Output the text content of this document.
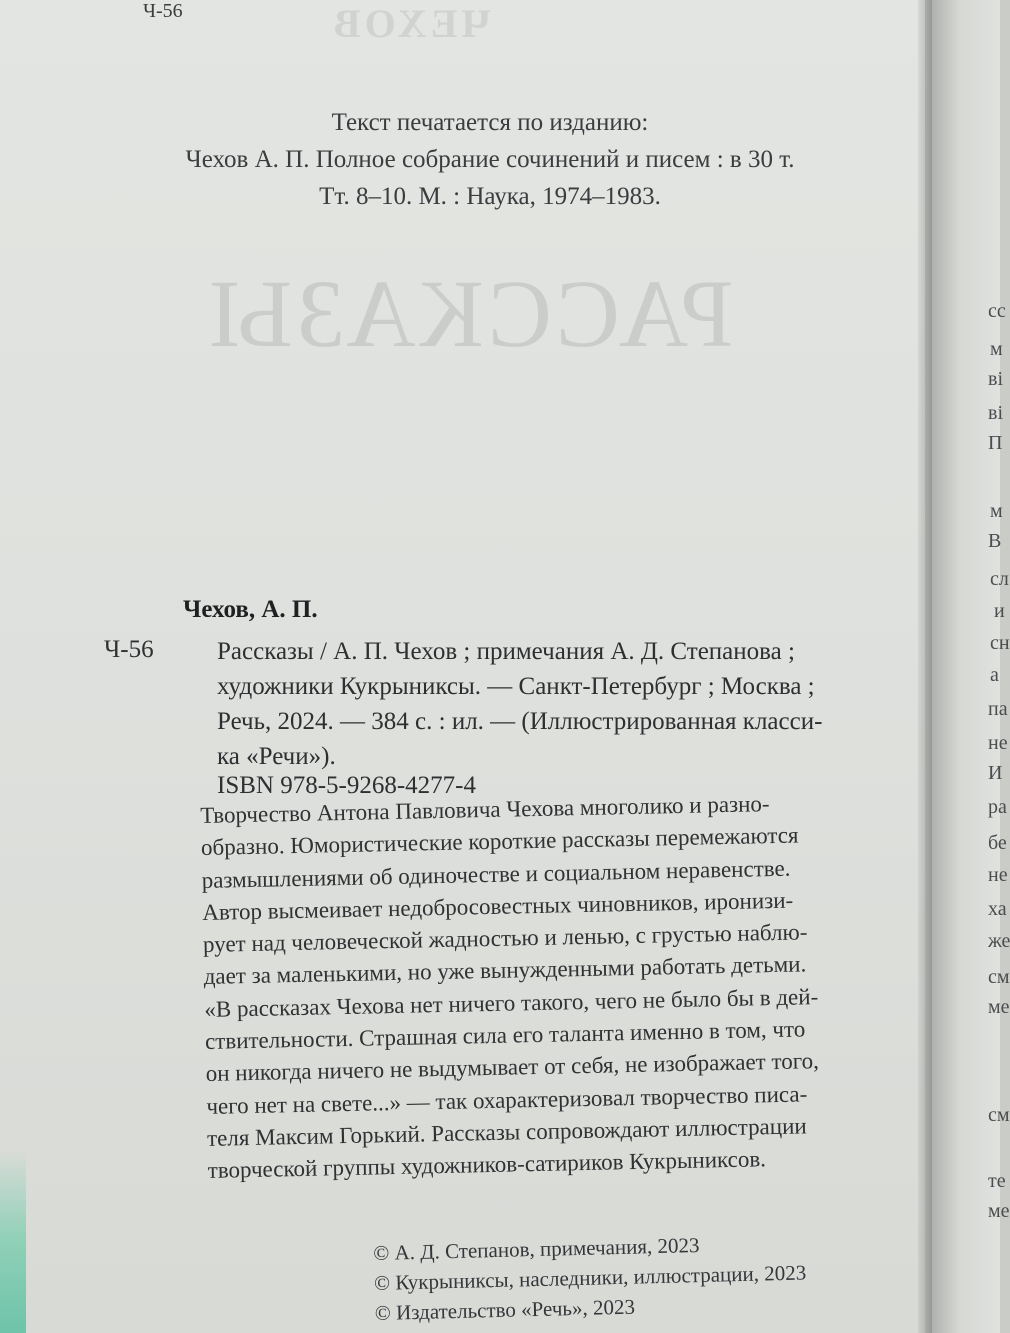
Ч-56	ЧЕХОВ
Текст печатается по изданию:
Чехов А. П. Полное собрание сочинений и писем : в 30 т.
Тт. 8–10. М. : Наука, 1974–1983.
РАССКАЗЫ
Чехов, А. П.
Ч-56	Рассказы / А. П. Чехов ; примечания А. Д. Степанова ;
художники Кукрыниксы. — Санкт-Петербург ; Москва ;
Речь, 2024. — 384 с. : ил. — (Иллюстрированная класси-
ка «Речи»).
ISBN 978-5-9268-4277-4
Творчество Антона Павловича Чехова многолико и разно-
образно. Юмористические короткие рассказы перемежаются
размышлениями об одиночестве и социальном неравенстве.
Автор высмеивает недобросовестных чиновников, иронизи-
рует над человеческой жадностью и ленью, с грустью наблю-
дает за маленькими, но уже вынужденными работать детьми.
«В рассказах Чехова нет ничего такого, чего не было бы в дей-
ствительности. Страшная сила его таланта именно в том, что
он никогда ничего не выдумывает от себя, не изображает того,
чего нет на свете...» — так охарактеризовал творчество писа-
теля Максим Горький. Рассказы сопровождают иллюстрации
творческой группы художников-сатириков Кукрыниксов.
© А. Д. Степанов, примечания, 2023
© Кукрыниксы, наследники, иллюстрации, 2023
© Издательство «Речь», 2023
сс
м
ві
ві
П
м
В
сл
и
сн
а
па
не
И
ра
бе
не
ха
же
см
ме
см
те
ме
